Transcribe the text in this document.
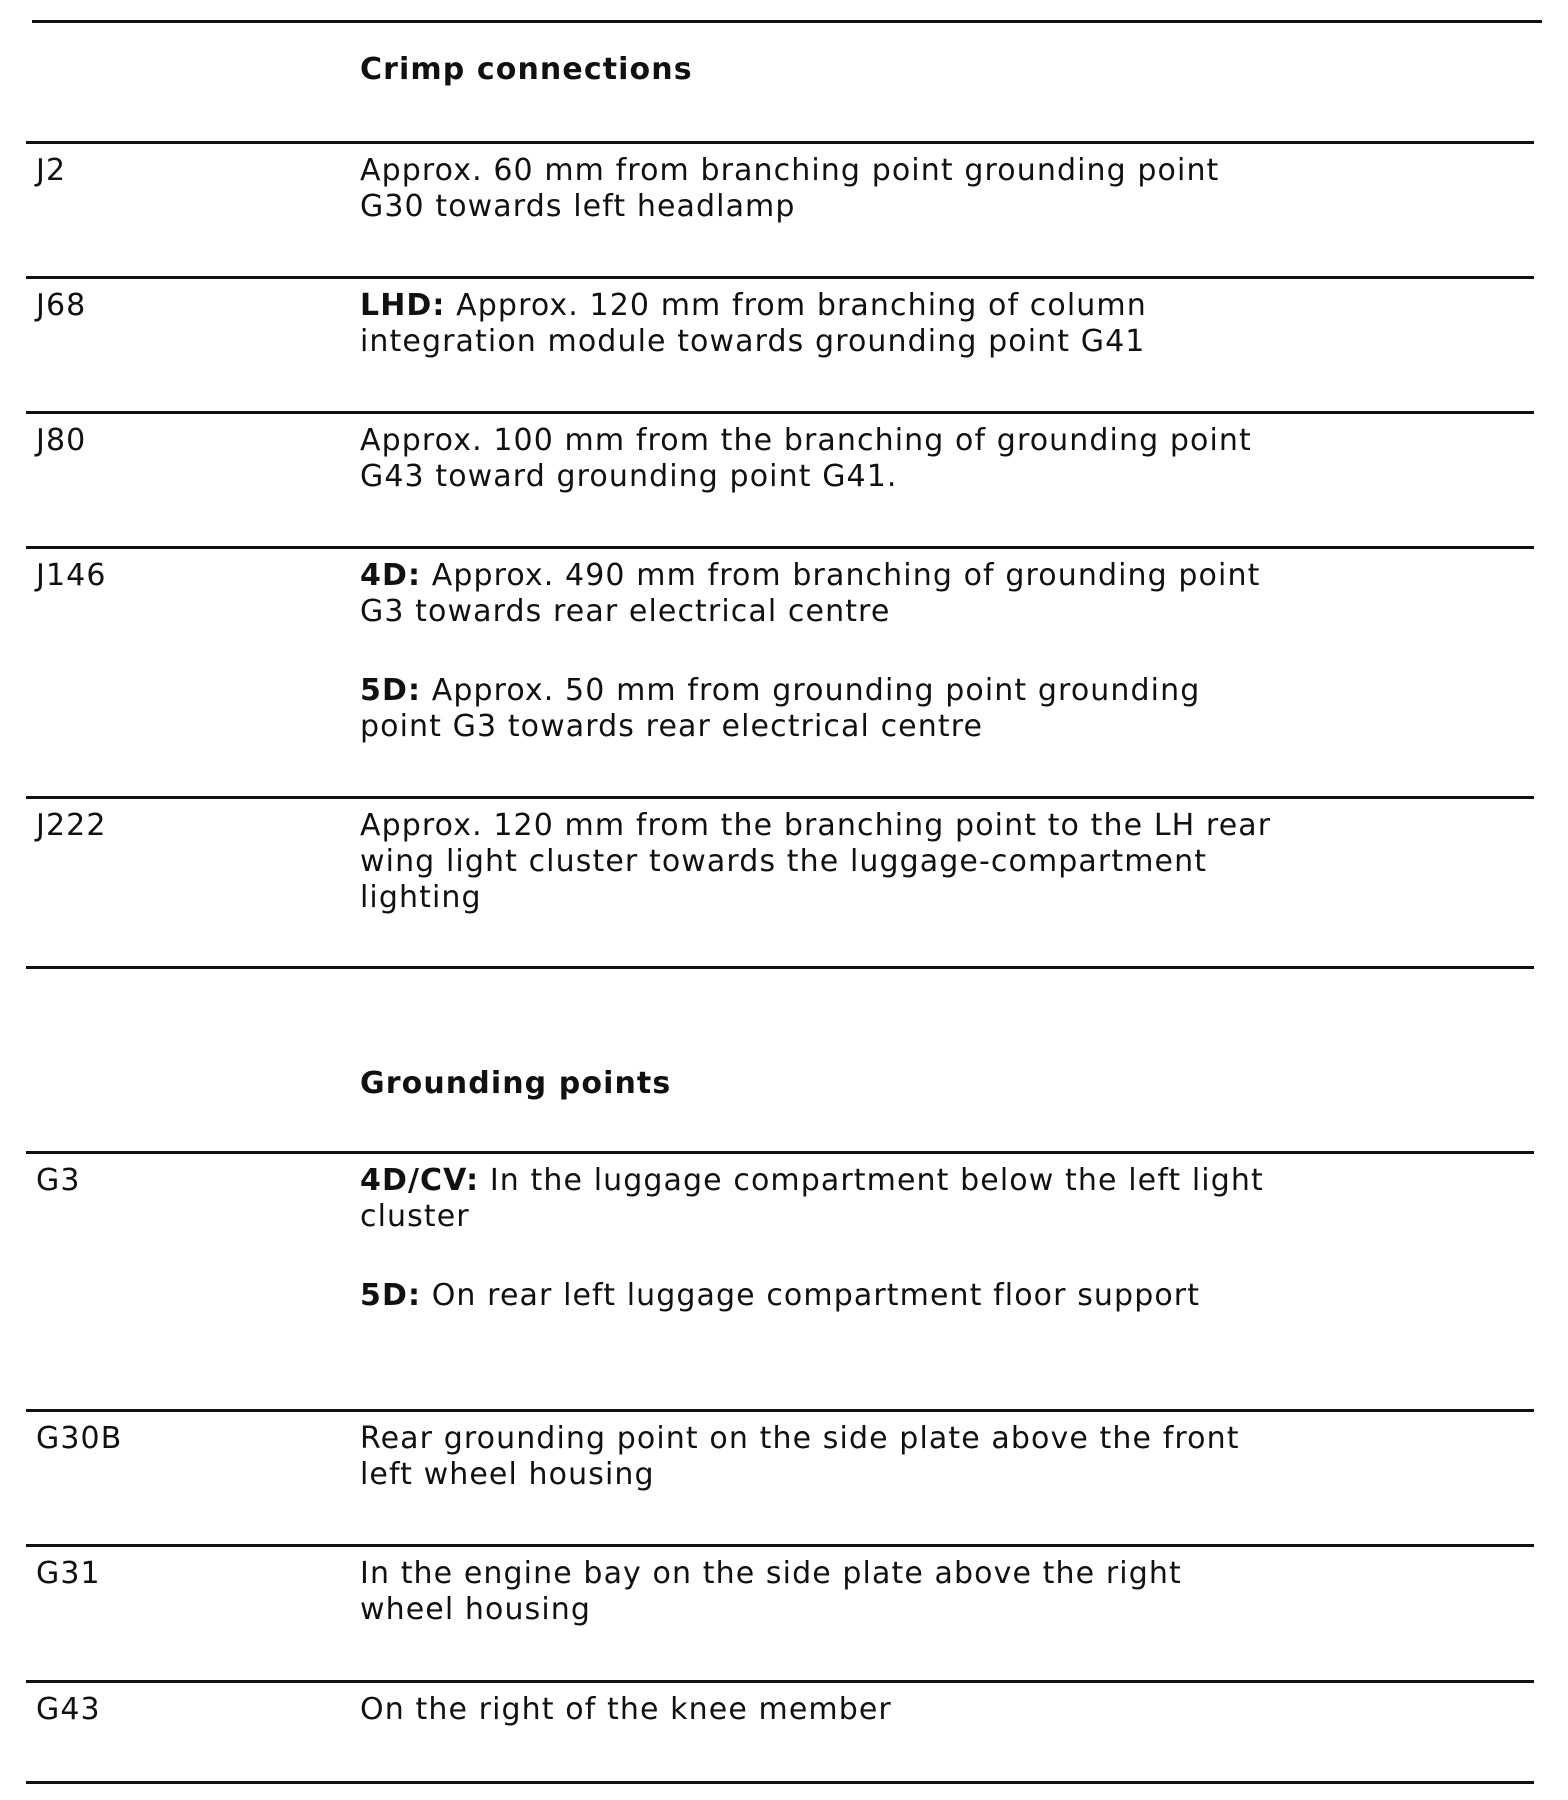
Crimp connections
J2	Approx. 60 mm from branching point grounding point
G30 towards left headlamp
J68	LHD: Approx. 120 mm from branching of column
integration module towards grounding point G41
J80	Approx. 100 mm from the branching of grounding point
G43 toward grounding point G41.
J146	4D: Approx. 490 mm from branching of grounding point
G3 towards rear electrical centre
5D: Approx. 50 mm from grounding point grounding
point G3 towards rear electrical centre
J222	Approx. 120 mm from the branching point to the LH rear
wing light cluster towards the luggage-compartment
lighting
Grounding points
G3	4D/CV: In the luggage compartment below the left light
cluster
5D: On rear left luggage compartment floor support
G30B	Rear grounding point on the side plate above the front
left wheel housing
G31	In the engine bay on the side plate above the right
wheel housing
G43	On the right of the knee member
